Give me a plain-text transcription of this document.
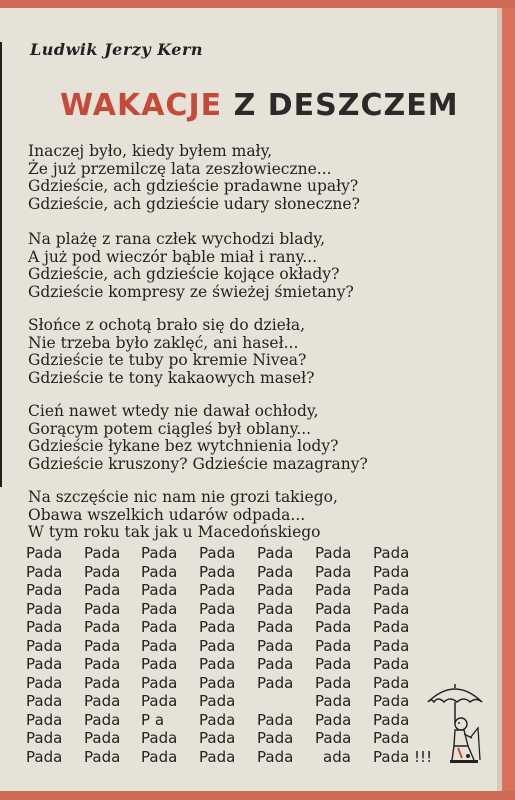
Ludwik Jerzy Kern
WAKACJE Z DESZCZEM
Inaczej było, kiedy byłem mały,
Że już przemilczę lata zeszłowieczne...
Gdzieście, ach gdzieście pradawne upały?
Gdzieście, ach gdzieście udary słoneczne?
Na plażę z rana człek wychodzi blady,
A już pod wieczór bąble miał i rany...
Gdzieście, ach gdzieście kojące okłady?
Gdzieście kompresy ze świeżej śmietany?
Słońce z ochotą brało się do dzieła,
Nie trzeba było zaklęć, ani haseł...
Gdzieście te tuby po kremie Nivea?
Gdzieście te tony kakaowych maseł?
Cień nawet wtedy nie dawał ochłody,
Gorącym potem ciągleś był oblany...
Gdzieście łykane bez wytchnienia lody?
Gdzieście kruszony? Gdzieście mazagrany?
Na szczęście nic nam nie grozi takiego,
Obawa wszelkich udarów odpada...
W tym roku tak jak u Macedońskiego
Pada Pada Pada Pada Pada Pada Pada
Pada Pada Pada Pada Pada Pada Pada
Pada Pada Pada Pada Pada Pada Pada
Pada Pada Pada Pada Pada Pada Pada
Pada Pada Pada Pada Pada Pada Pada
Pada Pada Pada Pada Pada Pada Pada
Pada Pada Pada Pada Pada Pada Pada
Pada Pada Pada Pada Pada Pada Pada
Pada Pada Pada Pada	Pada Pada
Pada Pada P a Pada Pada Pada Pada
Pada Pada Pada Pada Pada Pada Pada
Pada Pada Pada Pada Pada ada Pada !!!
